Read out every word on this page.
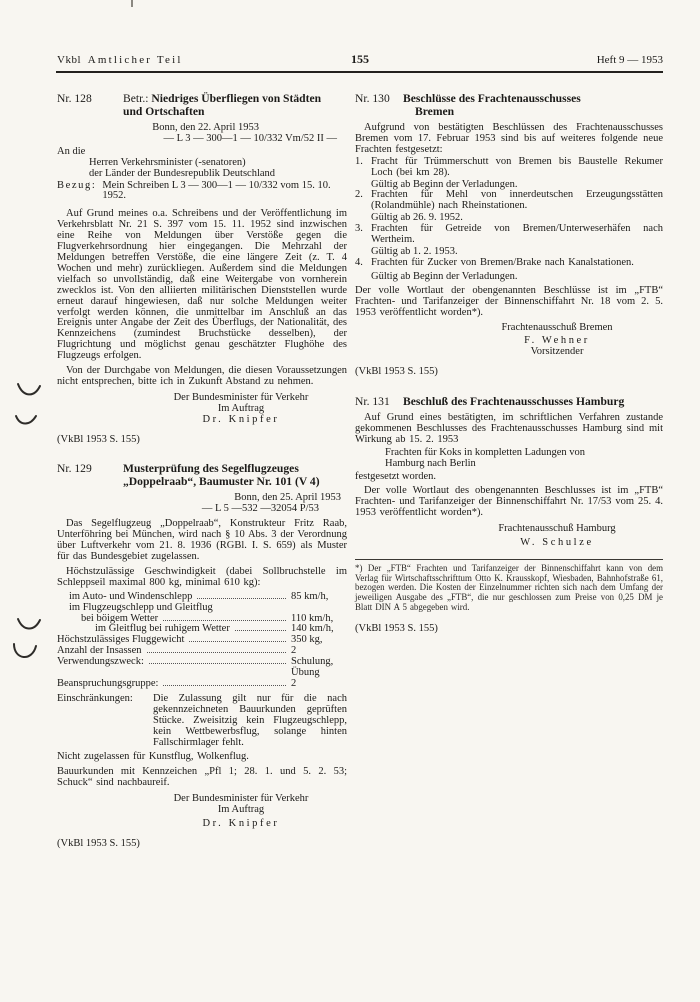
Vkbl Amtlicher Teil	155	Heft 9 — 1953
Nr. 128	Betr.: Niedriges Überfliegen von Städten
und Ortschaften
Bonn, den 22. April 1953
— L 3 — 300—1 — 10/332 Vm/52 II —
An die
Herren Verkehrsminister (-senatoren)
der Länder der Bundesrepublik Deutschland
Bezug: Mein Schreiben L 3 — 300—1 — 10/332 vom 15. 10. 1952.
Auf Grund meines o.a. Schreibens und der Veröffentlichung im Verkehrsblatt Nr. 21 S. 397 vom 15. 11. 1952 sind inzwischen eine Reihe von Meldungen über Verstöße gegen die Flugverkehrsordnung hier eingegangen. Die Mehrzahl der Meldungen betreffen Verstöße, die eine längere Zeit (z. T. 4 Wochen und mehr) zurückliegen. Außerdem sind die Meldungen vielfach so unvollständig, daß eine Weitergabe von vornherein zwecklos ist. Von den alliierten militärischen Dienststellen wurde erneut darauf hingewiesen, daß nur solche Meldungen weiter verfolgt werden können, die unmittelbar im Anschluß an das Ereignis unter Angabe der Zeit des Überflugs, der Nationalität, des Kennzeichens (zumindest Bruchstücke desselben), der Flugrichtung und möglichst genau geschätzter Flughöhe des Flugzeugs erfolgen.
Von der Durchgabe von Meldungen, die diesen Voraussetzungen nicht entsprechen, bitte ich in Zukunft Abstand zu nehmen.
Der Bundesminister für Verkehr
Im Auftrag
Dr. Knipfer
(VkBl 1953 S. 155)
Nr. 129	Musterprüfung des Segelflugzeuges
„Doppelraab“, Baumuster Nr. 101 (V 4)
Bonn, den 25. April 1953
— L 5 —532 —32054 P/53
Das Segelflugzeug „Doppelraab“, Konstrukteur Fritz Raab, Unterföhring bei München, wird nach § 10 Abs. 3 der Verordnung über Luftverkehr vom 21. 8. 1936 (RGBl. I. S. 659) als Muster für das Bundesgebiet zugelassen.
Höchstzulässige Geschwindigkeit (dabei Sollbruchstelle im Schleppseil maximal 800 kg, minimal 610 kg):
im Auto- und Windenschlepp	85 km/h,
im Flugzeugschlepp und Gleitflug
bei böigem Wetter	110 km/h,
im Gleitflug bei ruhigem Wetter	140 km/h,
Höchstzulässiges Fluggewicht	350 kg,
Anzahl der Insassen	2
Verwendungszweck:	Schulung,
Übung
Beanspruchungsgruppe:	2
Einschränkungen:	Die Zulassung gilt nur für die nach gekennzeichneten Bauurkunden geprüften Stücke. Zweisitzig kein Flugzeugschlepp, kein Wettbewerbsflug, solange hinten Fallschirmlager fehlt.
Nicht zugelassen für Kunstflug, Wolkenflug.
Bauurkunden mit Kennzeichen „Pfl 1; 28. 1. und 5. 2. 53; Schuck“ sind nachbaureif.
Der Bundesminister für Verkehr
Im Auftrag
Dr. Knipfer
(VkBl 1953 S. 155)
Nr. 130	Beschlüsse des Frachtenausschusses
Bremen
Aufgrund von bestätigten Beschlüssen des Frachtenausschusses Bremen vom 17. Februar 1953 sind bis auf weiteres folgende neue Frachten festgesetzt:
1. Fracht für Trümmerschutt von Bremen bis Baustelle Rekumer Loch (bei km 28).
Gültig ab Beginn der Verladungen.
2. Frachten für Mehl von innerdeutschen Erzeugungsstätten (Rolandmühle) nach Rheinstationen.
Gültig ab 26. 9. 1952.
3. Frachten für Getreide von Bremen/Unterweserhäfen nach Wertheim.
Gültig ab 1. 2. 1953.
4. Frachten für Zucker von Bremen/Brake nach Kanalstationen.
Gültig ab Beginn der Verladungen.
Der volle Wortlaut der obengenannten Beschlüsse ist im „FTB“ Frachten- und Tarifanzeiger der Binnenschiffahrt Nr. 18 vom 2. 5. 1953 veröffentlicht worden*).
Frachtenausschuß Bremen
F. Wehner
Vorsitzender
(VkBl 1953 S. 155)
Nr. 131	Beschluß des Frachtenausschusses Hamburg
Auf Grund eines bestätigten, im schriftlichen Verfahren zustande gekommenen Beschlusses des Frachtenausschusses Hamburg sind mit Wirkung ab 15. 2. 1953
Frachten für Koks in kompletten Ladungen von
Hamburg nach Berlin
festgesetzt worden.
Der volle Wortlaut des obengenannten Beschlusses ist im „FTB“ Frachten- und Tarifanzeiger der Binnenschiffahrt Nr. 17/53 vom 25. 4. 1953 veröffentlicht worden*).
Frachtenausschuß Hamburg
W. Schulze
*) Der „FTB“ Frachten und Tarifanzeiger der Binnenschiffahrt kann von dem Verlag für Wirtschaftsschrifttum Otto K. Krausskopf, Wiesbaden, Bahnhofstraße 61, bezogen werden. Die Kosten der Einzelnummer richten sich nach dem Umfang der jeweiligen Ausgabe des „FTB“, die nur geschlossen zum Preise von 0,25 DM je Blatt DIN A 5 abgegeben wird.
(VkBl 1953 S. 155)
